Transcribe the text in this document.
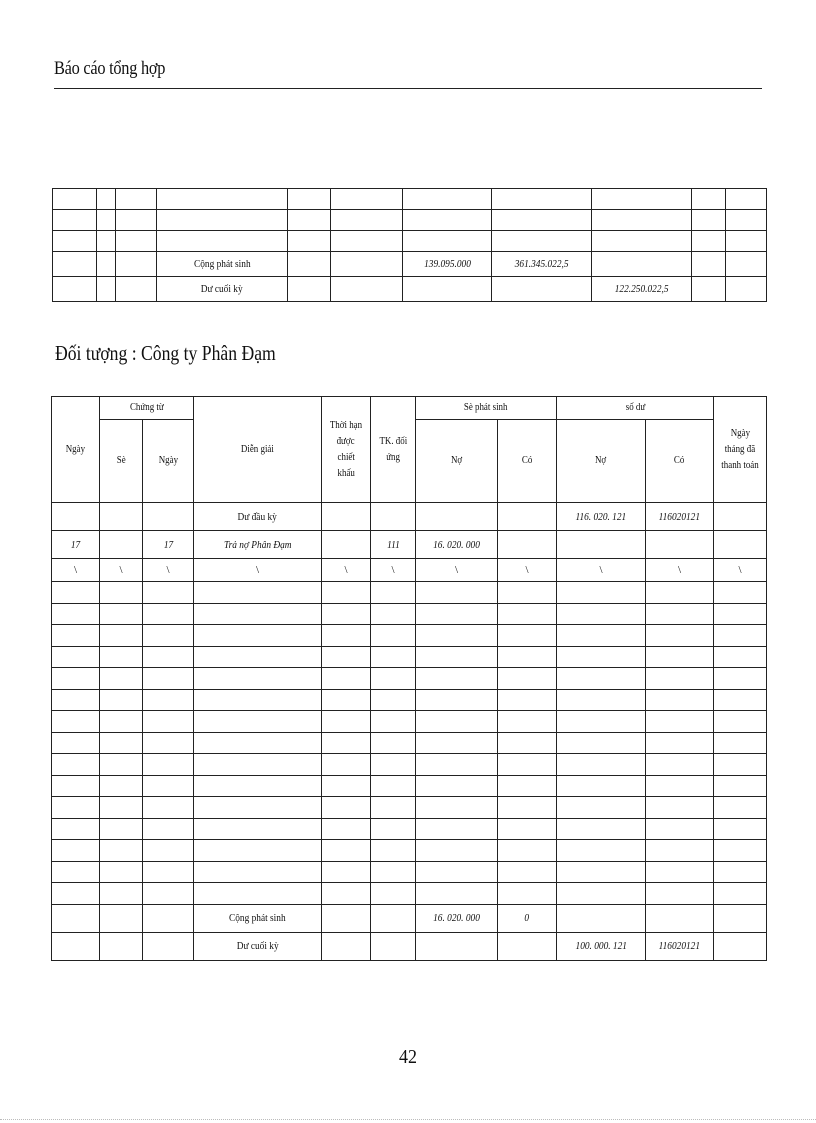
Báo cáo tổng hợp

			Cộng phát sinh			139.095.000	361.345.022,5			
			Dư cuối kỳ					122.250.022,5		
Đối tượng : Công ty Phân Đạm
Ngày	Chứng từ		Diễn giải	Thời hạn
được
chiết
khấu	TK. đối
ứng	Sè phát sinh		số dư		Ngày
tháng đã
thanh toán
	Sè	Ngày				Nợ	Có	Nợ	Có	
			Dư đầu kỳ					116. 020. 121	116020121	
17		17	Trả nợ Phân Đạm		111	16. 020. 000				
\	\	\	\	\	\	\	\	\	\	\

			Cộng phát sinh			16. 020. 000	0			
			Dư cuối kỳ					100. 000. 121	116020121	
42
